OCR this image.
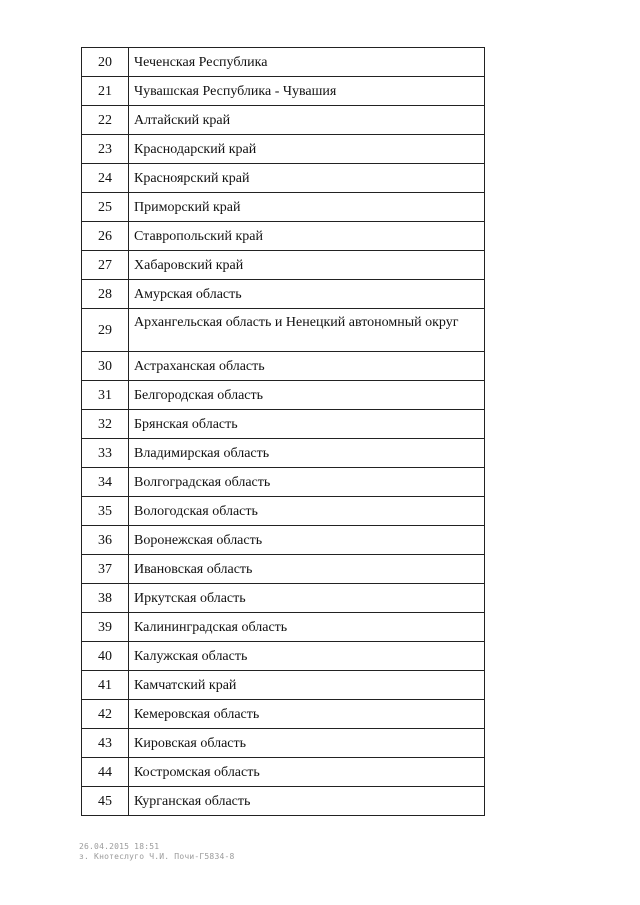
20	Чеченская Республика
21	Чувашская Республика - Чувашия
22	Алтайский край
23	Краснодарский край
24	Красноярский край
25	Приморский край
26	Ставропольский край
27	Хабаровский край
28	Амурская область
29	Архангельская область и Ненецкий автономный округ
30	Астраханская область
31	Белгородская область
32	Брянская область
33	Владимирская область
34	Волгоградская область
35	Вологодская область
36	Воронежская область
37	Ивановская область
38	Иркутская область
39	Калининградская область
40	Калужская область
41	Камчатский край
42	Кемеровская область
43	Кировская область
44	Костромская область
45	Курганская область
26.04.2015 18:51
з. Кнотеслуго Ч.И. Почи-Г5834-8
